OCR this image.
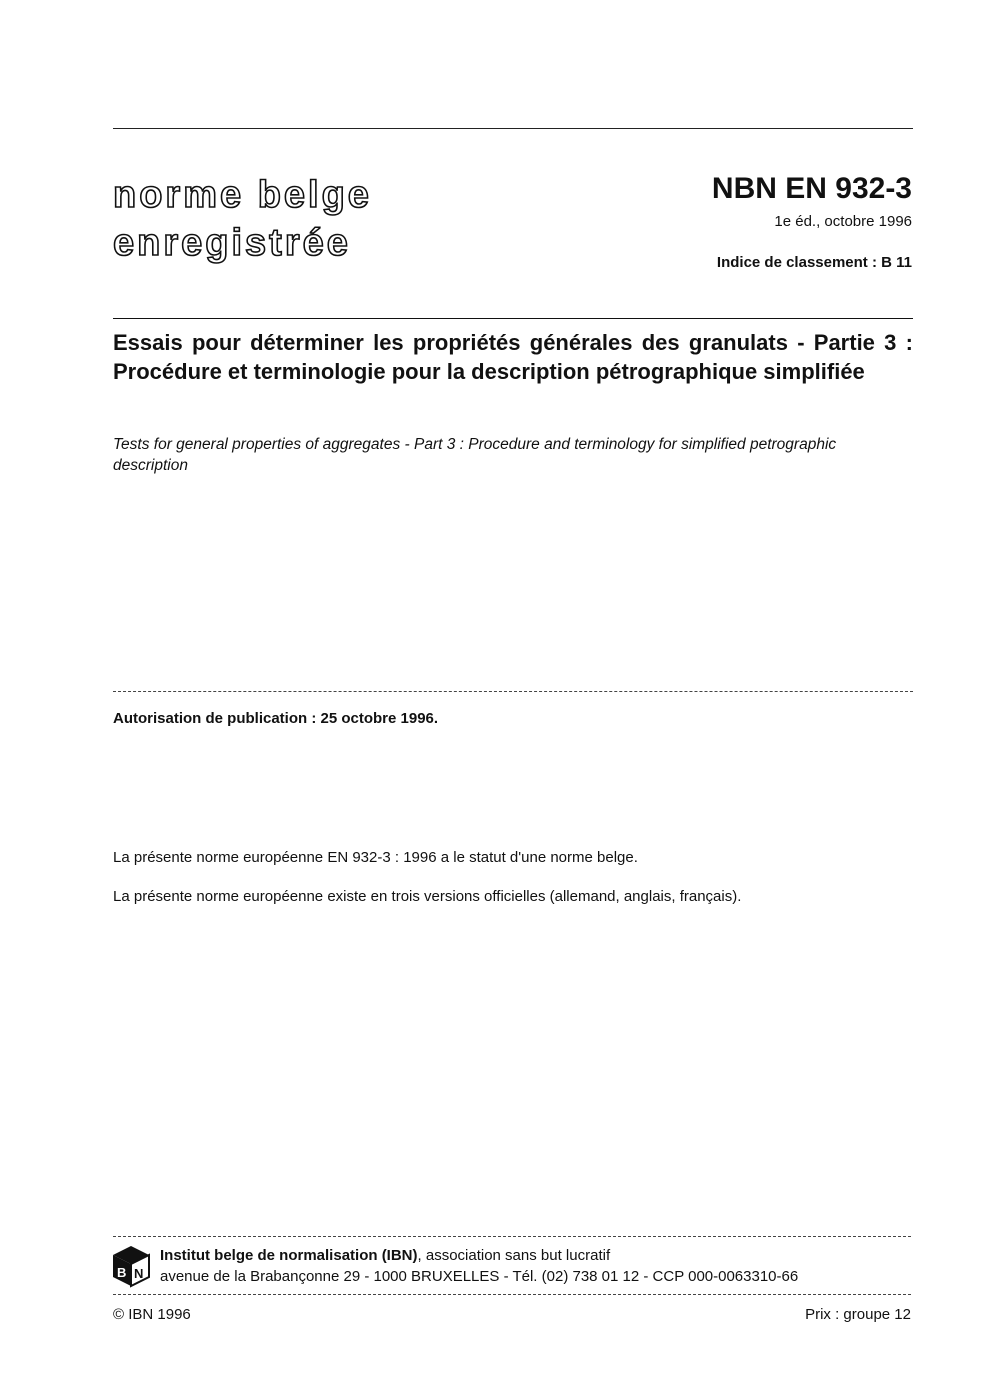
norme belge
enregistrée
NBN EN 932-3
1e éd., octobre 1996
Indice de classement : B 11
Essais pour déterminer les propriétés générales des granulats - Partie 3 : Procédure et terminologie pour la description pétrographique simplifiée
Tests for general properties of aggregates - Part 3 : Procedure and terminology for simplified petrographic description
Autorisation de publication : 25 octobre 1996.
La présente norme européenne EN 932-3 : 1996 a le statut d'une norme belge.
La présente norme européenne existe en trois versions officielles (allemand, anglais, français).
B N
Institut belge de normalisation (IBN), association sans but lucratif
avenue de la Brabançonne 29 - 1000 BRUXELLES - Tél. (02) 738 01 12 - CCP 000-0063310-66
© IBN 1996	Prix : groupe 12
